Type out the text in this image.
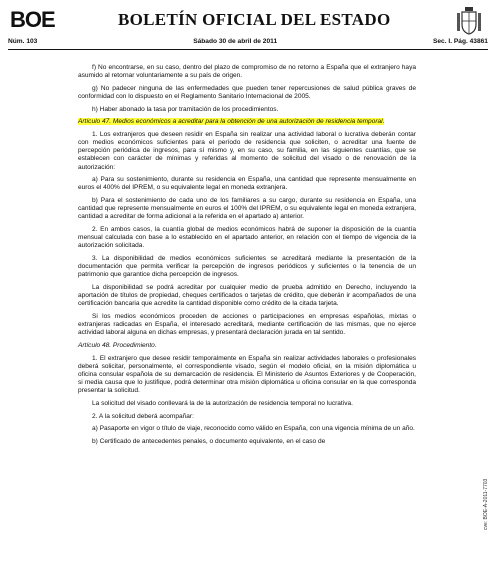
BOE	BOLETÍN OFICIAL DEL ESTADO
Núm. 103	Sábado 30 de abril de 2011	Sec. I. Pág. 43861

f) No encontrarse, en su caso, dentro del plazo de compromiso de no retorno a España que el extranjero haya asumido al retornar voluntariamente a su país de origen.

g) No padecer ninguna de las enfermedades que pueden tener repercusiones de salud pública graves de conformidad con lo dispuesto en el Reglamento Sanitario Internacional de 2005.

h) Haber abonado la tasa por tramitación de los procedimientos.

Artículo 47. Medios económicos a acreditar para la obtención de una autorización de residencia temporal.

1. Los extranjeros que deseen residir en España sin realizar una actividad laboral o lucrativa deberán contar con medios económicos suficientes para el período de residencia que soliciten, o acreditar una fuente de percepción periódica de ingresos, para sí mismo y, en su caso, su familia, en las siguientes cuantías, que se establecen con carácter de mínimas y referidas al momento de solicitud del visado o de renovación de la autorización:

a) Para su sostenimiento, durante su residencia en España, una cantidad que represente mensualmente en euros el 400% del IPREM, o su equivalente legal en moneda extranjera.

b) Para el sostenimiento de cada uno de los familiares a su cargo, durante su residencia en España, una cantidad que represente mensualmente en euros el 100% del IPREM, o su equivalente legal en moneda extranjera, cantidad a acreditar de forma adicional a la referida en el apartado a) anterior.

2. En ambos casos, la cuantía global de medios económicos habrá de suponer la disposición de la cuantía mensual calculada con base a lo establecido en el apartado anterior, en relación con el tiempo de vigencia de la autorización solicitada.

3. La disponibilidad de medios económicos suficientes se acreditará mediante la presentación de la documentación que permita verificar la percepción de ingresos periódicos y suficientes o la tenencia de un patrimonio que garantice dicha percepción de ingresos.

La disponibilidad se podrá acreditar por cualquier medio de prueba admitido en Derecho, incluyendo la aportación de títulos de propiedad, cheques certificados o tarjetas de crédito, que deberán ir acompañados de una certificación bancaria que acredite la cantidad disponible como crédito de la citada tarjeta.

Si los medios económicos proceden de acciones o participaciones en empresas españolas, mixtas o extranjeras radicadas en España, el interesado acreditará, mediante certificación de las mismas, que no ejerce actividad laboral alguna en dichas empresas, y presentará declaración jurada en tal sentido.

Artículo 48. Procedimiento.

1. El extranjero que desee residir temporalmente en España sin realizar actividades laborales o profesionales deberá solicitar, personalmente, el correspondiente visado, según el modelo oficial, en la misión diplomática u oficina consular española de su demarcación de residencia. El Ministerio de Asuntos Exteriores y de Cooperación, si media causa que lo justifique, podrá determinar otra misión diplomática u oficina consular en la que corresponda presentar la solicitud.

La solicitud del visado conllevará la de la autorización de residencia temporal no lucrativa.

2. A la solicitud deberá acompañar:

a) Pasaporte en vigor o título de viaje, reconocido como válido en España, con una vigencia mínima de un año.

b) Certificado de antecedentes penales, o documento equivalente, en el caso de

cve: BOE-A-2011-7703
